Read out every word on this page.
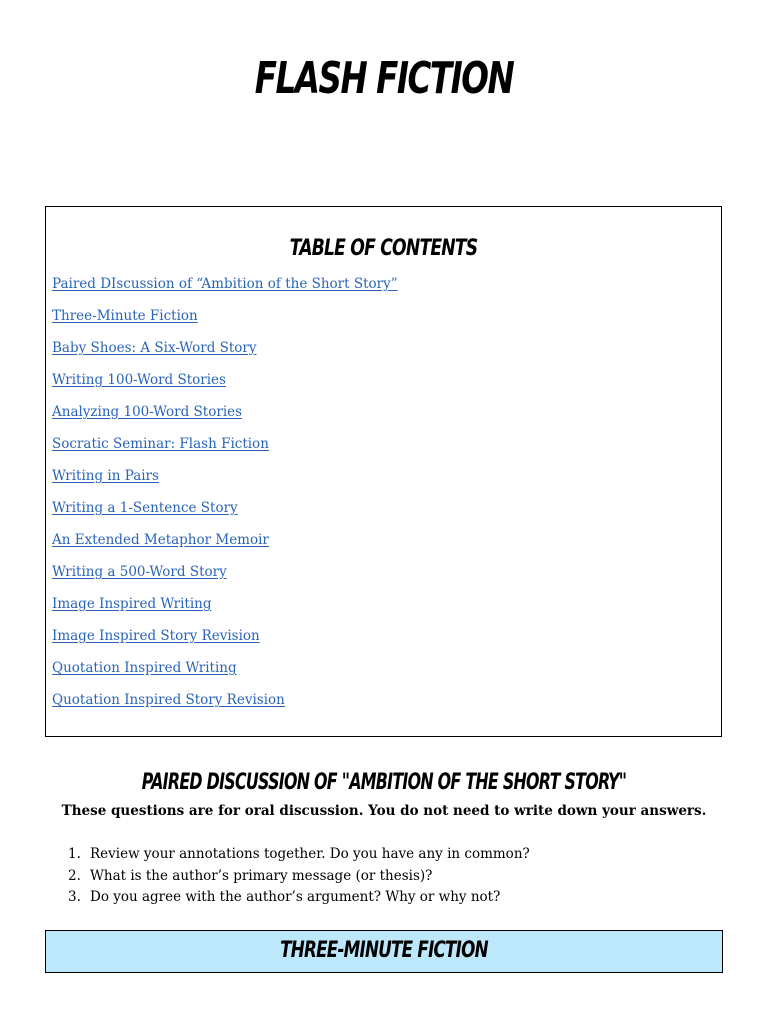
FLASH FICTION
TABLE OF CONTENTS
Paired DIscussion of “Ambition of the Short Story”
Three-Minute Fiction
Baby Shoes: A Six-Word Story
Writing 100-Word Stories
Analyzing 100-Word Stories
Socratic Seminar: Flash Fiction
Writing in Pairs
Writing a 1-Sentence Story
An Extended Metaphor Memoir
Writing a 500-Word Story
Image Inspired Writing
Image Inspired Story Revision
Quotation Inspired Writing
Quotation Inspired Story Revision
PAIRED DISCUSSION OF "AMBITION OF THE SHORT STORY"

These questions are for oral discussion. You do not need to write down your answers.

1. Review your annotations together. Do you have any in common?
2. What is the author’s primary message (or thesis)?
3. Do you agree with the author’s argument? Why or why not?
THREE-MINUTE FICTION
